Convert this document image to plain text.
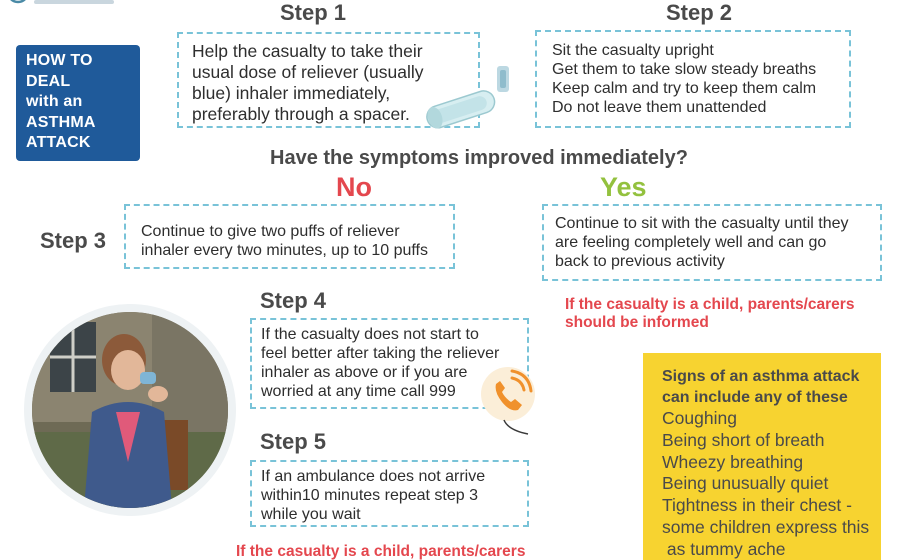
HOW TO
DEAL
with an
ASTHMA
ATTACK
Step 1

Help the casualty to take their

usual dose of reliever (usually

blue) inhaler immediately,

preferably through a spacer.

Step 2

Sit the casualty upright

Get them to take slow steady breaths

Keep calm and try to keep them calm

Do not leave them unattended

Have the symptoms improved immediately?
No	Yes
Step 3 Continue to give two puffs of reliever

inhaler every two minutes, up to 10 puffs

Continue to sit with the casualty until they

are feeling completely well and can go

back to previous activity

If the casualty is a child, parents/carers
should be informed
Step 4

If the casualty does not start to

feel better after taking the reliever

inhaler as above or if you are

worried at any time call 999

Step 5

If an ambulance does not arrive

within10 minutes repeat step 3

while you wait

If the casualty is a child, parents/carers
Signs of an asthma attack
can include any of these
Coughing
Being short of breath
Wheezy breathing
Being unusually quiet
Tightness in their chest -
some children express this
as tummy ache
